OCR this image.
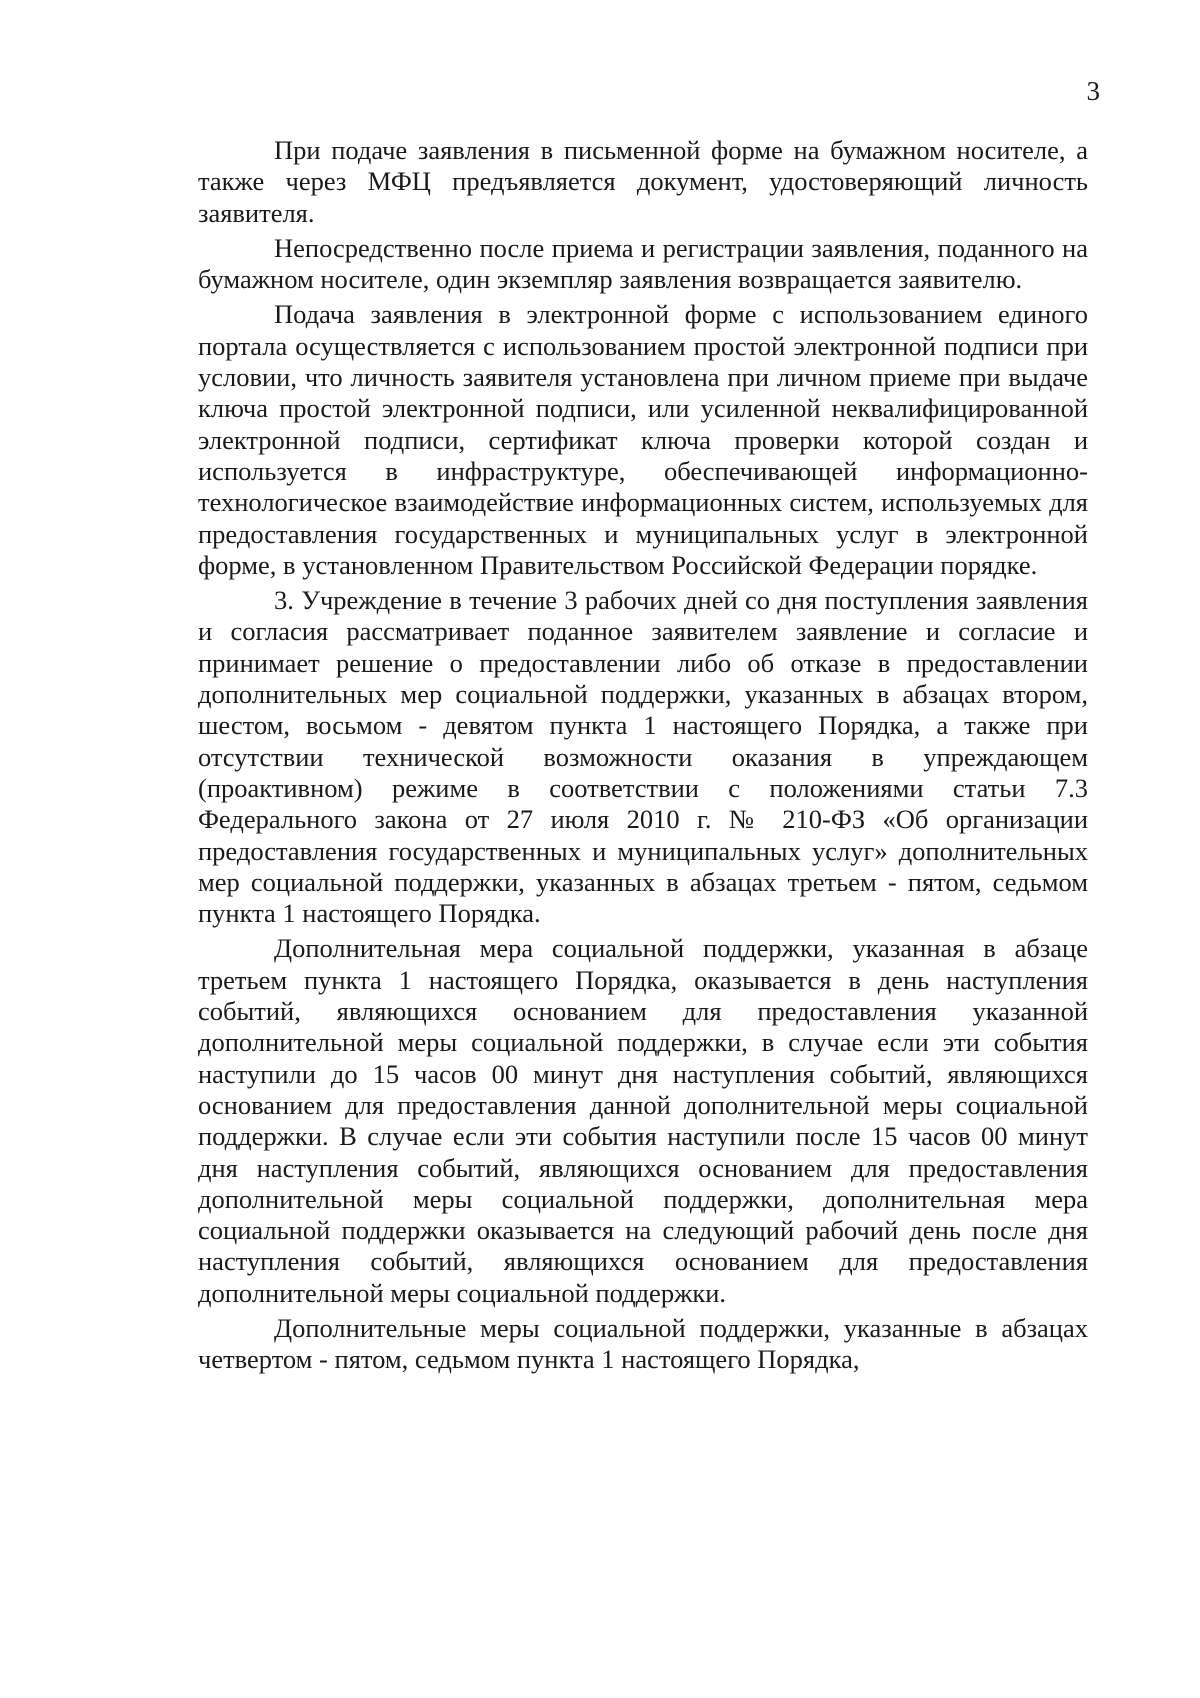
3

При подаче заявления в письменной форме на бумажном носителе, а также через МФЦ предъявляется документ, удостоверяющий личность заявителя.

Непосредственно после приема и регистрации заявления, поданного на бумажном носителе, один экземпляр заявления возвращается заявителю.

Подача заявления в электронной форме с использованием единого портала осуществляется с использованием простой электронной подписи при условии, что личность заявителя установлена при личном приеме при выдаче ключа простой электронной подписи, или усиленной неквалифицированной электронной подписи, сертификат ключа проверки которой создан и используется в инфраструктуре, обеспечивающей информационно-технологическое взаимодействие информационных систем, используемых для предоставления государственных и муниципальных услуг в электронной форме, в установленном Правительством Российской Федерации порядке.

3. Учреждение в течение 3 рабочих дней со дня поступления заявления и согласия рассматривает поданное заявителем заявление и согласие и принимает решение о предоставлении либо об отказе в предоставлении дополнительных мер социальной поддержки, указанных в абзацах втором, шестом, восьмом - девятом пункта 1 настоящего Порядка, а также при отсутствии технической возможности оказания в упреждающем (проактивном) режиме в соответствии с положениями статьи 7.3 Федерального закона от 27 июля 2010 г. № 210-ФЗ «Об организации предоставления государственных и муниципальных услуг» дополнительных мер социальной поддержки, указанных в абзацах третьем - пятом, седьмом пункта 1 настоящего Порядка.

Дополнительная мера социальной поддержки, указанная в абзаце третьем пункта 1 настоящего Порядка, оказывается в день наступления событий, являющихся основанием для предоставления указанной дополнительной меры социальной поддержки, в случае если эти события наступили до 15 часов 00 минут дня наступления событий, являющихся основанием для предоставления данной дополнительной меры социальной поддержки. В случае если эти события наступили после 15 часов 00 минут дня наступления событий, являющихся основанием для предоставления дополнительной меры социальной поддержки, дополнительная мера социальной поддержки оказывается на следующий рабочий день после дня наступления событий, являющихся основанием для предоставления дополнительной меры социальной поддержки.

Дополнительные меры социальной поддержки, указанные в абзацах четвертом - пятом, седьмом пункта 1 настоящего Порядка,
